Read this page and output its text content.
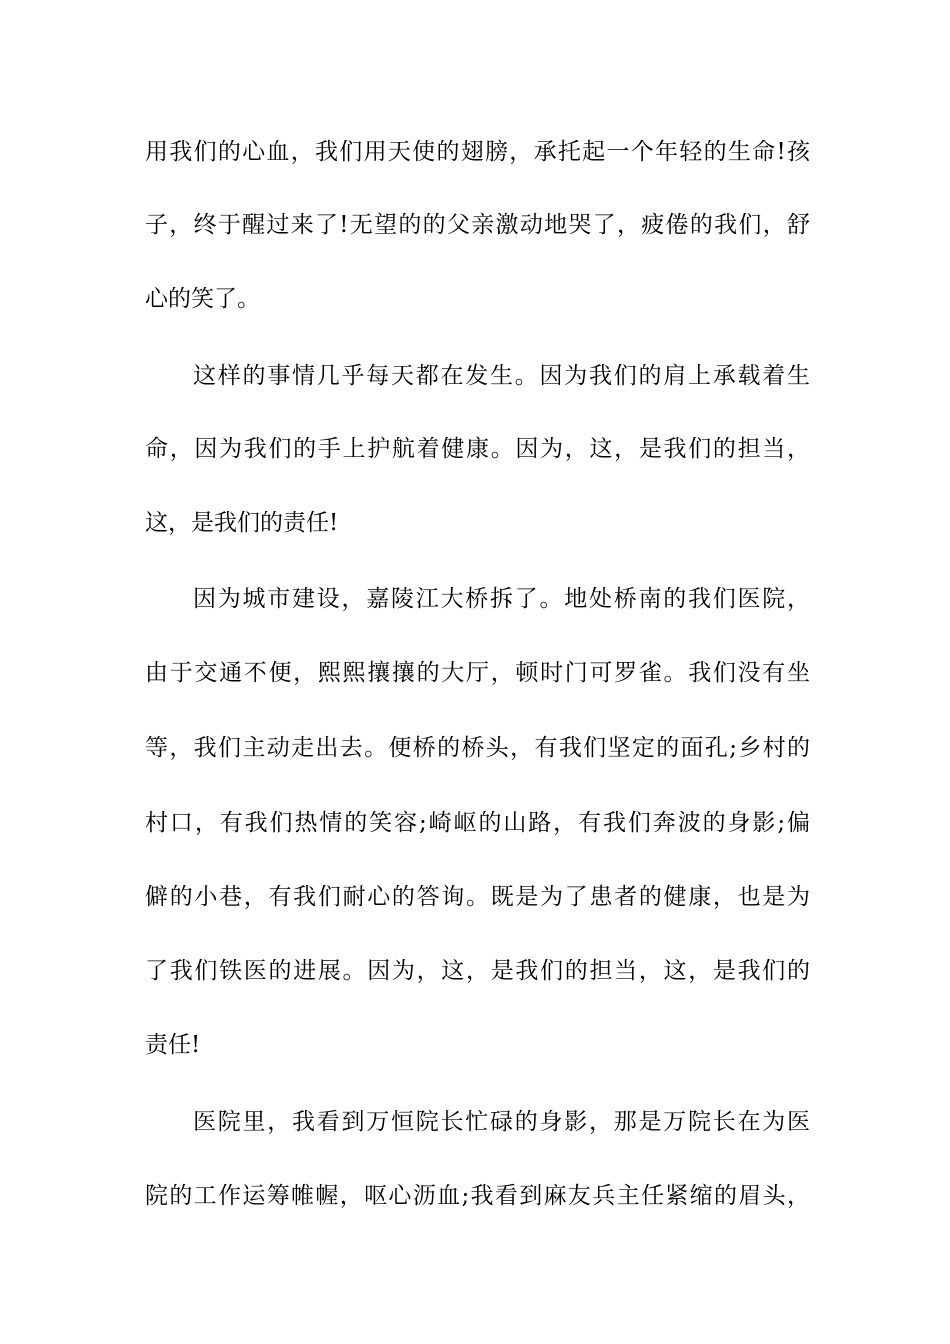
用我们的心血，我们用天使的翅膀，承托起一个年轻的生命!孩
子，终于醒过来了!无望的的父亲激动地哭了，疲倦的我们，舒
心的笑了。
这样的事情几乎每天都在发生。因为我们的肩上承载着生
命，因为我们的手上护航着健康。因为，这，是我们的担当，
这，是我们的责任!
因为城市建设，嘉陵江大桥拆了。地处桥南的我们医院，
由于交通不便，熙熙攘攘的大厅，顿时门可罗雀。我们没有坐
等，我们主动走出去。便桥的桥头，有我们坚定的面孔;乡村的
村口，有我们热情的笑容;崎岖的山路，有我们奔波的身影;偏
僻的小巷，有我们耐心的答询。既是为了患者的健康，也是为
了我们铁医的进展。因为，这，是我们的担当，这，是我们的
责任!
医院里，我看到万恒院长忙碌的身影，那是万院长在为医
院的工作运筹帷幄，呕心沥血;我看到麻友兵主任紧缩的眉头，
